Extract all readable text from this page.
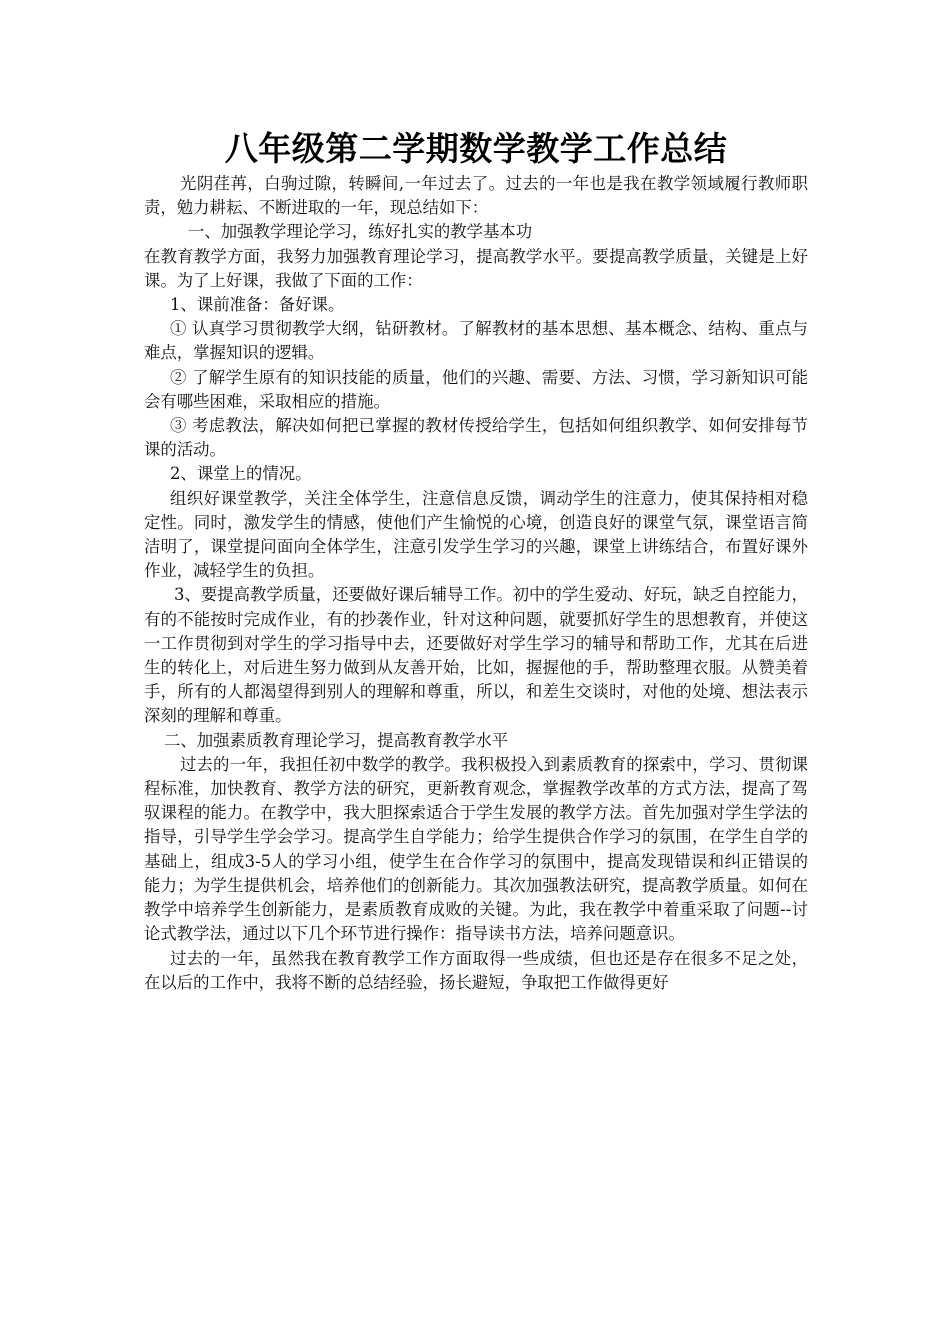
八年级第二学期数学教学工作总结

光阴荏苒，白驹过隙，转瞬间,一年过去了。过去的一年也是我在教学领域履行教师职责，勉力耕耘、不断进取的一年，现总结如下：

一、加强教学理论学习，练好扎实的教学基本功

在教育教学方面，我努力加强教育理论学习，提高教学水平。要提高教学质量，关键是上好课。为了上好课，我做了下面的工作：

1、课前准备：备好课。

① 认真学习贯彻教学大纲，钻研教材。了解教材的基本思想、基本概念、结构、重点与难点，掌握知识的逻辑。

② 了解学生原有的知识技能的质量，他们的兴趣、需要、方法、习惯，学习新知识可能会有哪些困难，采取相应的措施。

③ 考虑教法，解决如何把已掌握的教材传授给学生，包括如何组织教学、如何安排每节课的活动。

2、课堂上的情况。

组织好课堂教学，关注全体学生，注意信息反馈，调动学生的注意力，使其保持相对稳定性。同时，激发学生的情感，使他们产生愉悦的心境，创造良好的课堂气氛，课堂语言简洁明了，课堂提问面向全体学生，注意引发学生学习的兴趣，课堂上讲练结合，布置好课外作业，减轻学生的负担。

3、要提高教学质量，还要做好课后辅导工作。初中的学生爱动、好玩，缺乏自控能力，有的不能按时完成作业，有的抄袭作业，针对这种问题，就要抓好学生的思想教育，并使这一工作贯彻到对学生的学习指导中去，还要做好对学生学习的辅导和帮助工作，尤其在后进生的转化上，对后进生努力做到从友善开始，比如，握握他的手，帮助整理衣服。从赞美着手，所有的人都渴望得到别人的理解和尊重，所以，和差生交谈时，对他的处境、想法表示深刻的理解和尊重。

二、加强素质教育理论学习，提高教育教学水平

过去的一年，我担任初中数学的教学。我积极投入到素质教育的探索中，学习、贯彻课程标准，加快教育、教学方法的研究，更新教育观念，掌握教学改革的方式方法，提高了驾驭课程的能力。在教学中，我大胆探索适合于学生发展的教学方法。首先加强对学生学法的指导，引导学生学会学习。提高学生自学能力；给学生提供合作学习的氛围，在学生自学的基础上，组成3-5人的学习小组，使学生在合作学习的氛围中，提高发现错误和纠正错误的能力；为学生提供机会，培养他们的创新能力。其次加强教法研究，提高教学质量。如何在教学中培养学生创新能力，是素质教育成败的关键。为此，我在教学中着重采取了问题--讨论式教学法，通过以下几个环节进行操作：指导读书方法，培养问题意识。

过去的一年，虽然我在教育教学工作方面取得一些成绩，但也还是存在很多不足之处，在以后的工作中，我将不断的总结经验，扬长避短，争取把工作做得更好
